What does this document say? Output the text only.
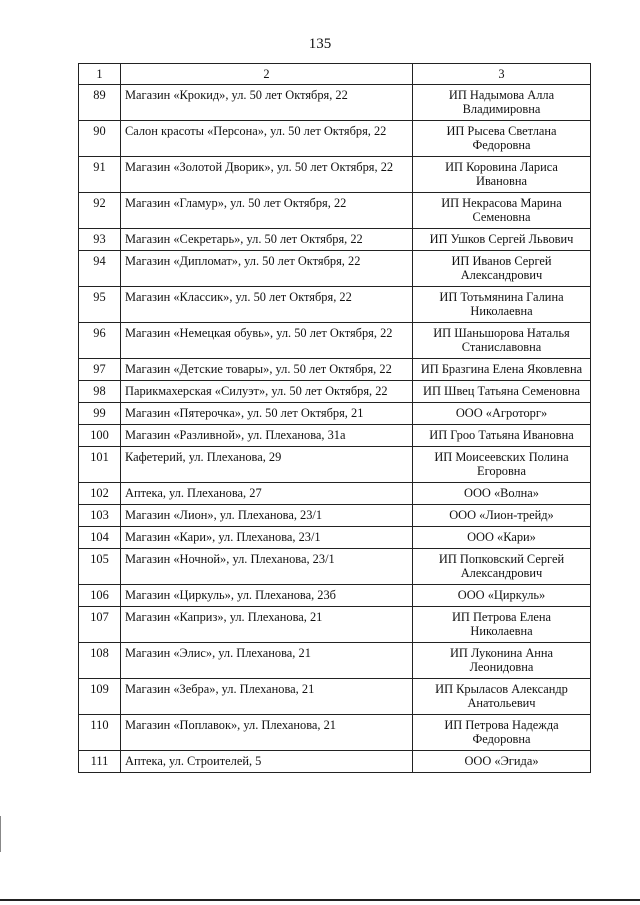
135
1	2	3
89	Магазин «Крокид», ул. 50 лет Октября, 22	ИП Надымова Алла
Владимировна

90	Салон красоты «Персона», ул. 50 лет Октября, 22	ИП Рысева Светлана
Федоровна

91	Магазин «Золотой Дворик», ул. 50 лет Октября, 22	ИП Коровина Лариса
Ивановна

92	Магазин «Гламур», ул. 50 лет Октября, 22	ИП Некрасова Марина
Семеновна

93	Магазин «Секретарь», ул. 50 лет Октября, 22	ИП Ушков Сергей Львович

94	Магазин «Дипломат», ул. 50 лет Октября, 22	ИП Иванов Сергей
Александрович

95	Магазин «Классик», ул. 50 лет Октября, 22	ИП Тотьмянина Галина
Николаевна

96	Магазин «Немецкая обувь», ул. 50 лет Октября, 22	ИП Шаньшорова Наталья
Станиславовна

97	Магазин «Детские товары», ул. 50 лет Октября, 22	ИП Бразгина Елена Яковлевна

98	Парикмахерская «Силуэт», ул. 50 лет Октября, 22	ИП Швец Татьяна Семеновна

99	Магазин «Пятерочка», ул. 50 лет Октября, 21	ООО «Агроторг»

100	Магазин «Разливной», ул. Плеханова, 31а	ИП Гроо Татьяна Ивановна

101	Кафетерий, ул. Плеханова, 29	ИП Моисеевских Полина
Егоровна

102	Аптека, ул. Плеханова, 27	ООО «Волна»

103	Магазин «Лион», ул. Плеханова, 23/1	ООО «Лион-трейд»

104	Магазин «Кари», ул. Плеханова, 23/1	ООО «Кари»

105	Магазин «Ночной», ул. Плеханова, 23/1	ИП Попковский Сергей
Александрович

106	Магазин «Циркуль», ул. Плеханова, 23б	ООО «Циркуль»

107	Магазин «Каприз», ул. Плеханова, 21	ИП Петрова Елена
Николаевна

108	Магазин «Элис», ул. Плеханова, 21	ИП Луконина Анна
Леонидовна

109	Магазин «Зебра», ул. Плеханова, 21	ИП Крыласов Александр
Анатольевич

110	Магазин «Поплавок», ул. Плеханова, 21	ИП Петрова Надежда
Федоровна

111	Аптека, ул. Строителей, 5	ООО «Эгида»
